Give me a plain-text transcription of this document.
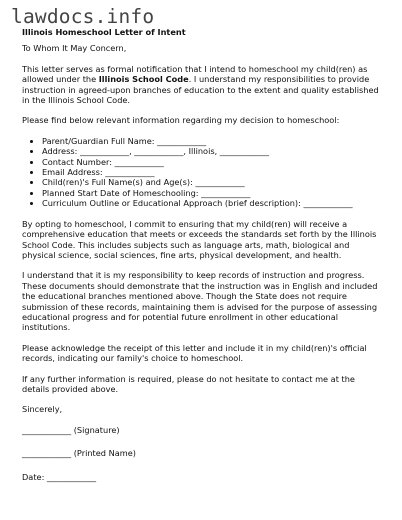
lawdocs.info
Illinois Homeschool Letter of Intent

To Whom It May Concern,

This letter serves as formal notification that I intend to homeschool my child(ren) as allowed under the Illinois School Code. I understand my responsibilities to provide instruction in agreed-upon branches of education to the extent and quality established in the Illinois School Code.

Please find below relevant information regarding my decision to homeschool:

• Parent/Guardian Full Name: ____________
• Address: ____________, ____________, Illinois, ____________
• Contact Number: ____________
• Email Address: ____________
• Child(ren)'s Full Name(s) and Age(s): ____________
• Planned Start Date of Homeschooling: ____________
• Curriculum Outline or Educational Approach (brief description): ____________

By opting to homeschool, I commit to ensuring that my child(ren) will receive a comprehensive education that meets or exceeds the standards set forth by the Illinois School Code. This includes subjects such as language arts, math, biological and physical science, social sciences, fine arts, physical development, and health.

I understand that it is my responsibility to keep records of instruction and progress. These documents should demonstrate that the instruction was in English and included the educational branches mentioned above. Though the State does not require submission of these records, maintaining them is advised for the purpose of assessing educational progress and for potential future enrollment in other educational institutions.

Please acknowledge the receipt of this letter and include it in my child(ren)'s official records, indicating our family's choice to homeschool.

If any further information is required, please do not hesitate to contact me at the details provided above.

Sincerely,

____________ (Signature)
____________ (Printed Name)
Date: ____________
